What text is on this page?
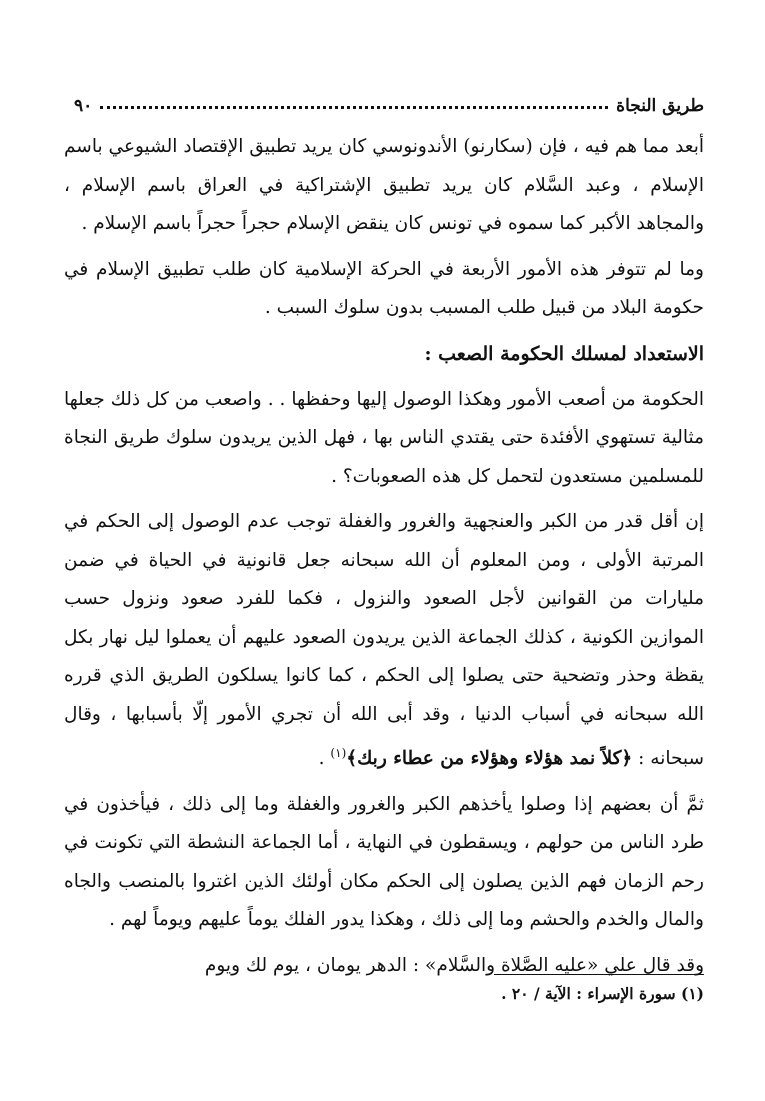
طريق النجاة
٩٠

أبعد مما هم فيه ، فإن (سكارنو) الأندونوسي كان يريد تطبيق الإقتصاد الشيوعي باسم الإسلام ، وعبد السَّلام كان يريد تطبيق الإشتراكية في العراق باسم الإسلام ، والمجاهد الأكبر كما سموه في تونس كان ينقض الإسلام حجراً حجراً باسم الإسلام .

وما لم تتوفر هذه الأمور الأربعة في الحركة الإسلامية كان طلب تطبيق الإسلام في حكومة البلاد من قبيل طلب المسبب بدون سلوك السبب .

الاستعداد لمسلك الحكومة الصعب :

الحكومة من أصعب الأمور وهكذا الوصول إليها وحفظها . . واصعب من كل ذلك جعلها مثالية تستهوي الأفئدة حتى يقتدي الناس بها ، فهل الذين يريدون سلوك طريق النجاة للمسلمين مستعدون لتحمل كل هذه الصعوبات؟ .

إن أقل قدر من الكبر والعنجهية والغرور والغفلة توجب عدم الوصول إلى الحكم في المرتبة الأولى ، ومن المعلوم أن الله سبحانه جعل قانونية في الحياة في ضمن مليارات من القوانين لأجل الصعود والنزول ، فكما للفرد صعود ونزول حسب الموازين الكونية ، كذلك الجماعة الذين يريدون الصعود عليهم أن يعملوا ليل نهار بكل يقظة وحذر وتضحية حتى يصلوا إلى الحكم ، كما كانوا يسلكون الطريق الذي قرره الله سبحانه في أسباب الدنيا ، وقد أبى الله أن تجري الأمور إلّا بأسبابها ، وقال سبحانه : ﴿كلاً نمد هؤلاء وهؤلاء من عطاء ربك﴾$^{(١)}$ .

ثمَّ أن بعضهم إذا وصلوا يأخذهم الكبر والغرور والغفلة وما إلى ذلك ، فيأخذون في طرد الناس من حولهم ، ويسقطون في النهاية ، أما الجماعة النشطة التي تكونت في رحم الزمان فهم الذين يصلون إلى الحكم مكان أولئك الذين اغتروا بالمنصب والجاه والمال والخدم والحشم وما إلى ذلك ، وهكذا يدور الفلك يوماً عليهم ويوماً لهم .

وقد قال علي «عليه الصَّلاة والسَّلام» : الدهر يومان ، يوم لك ويوم

(١) سورة الإسراء : الآية / ٢٠ .
